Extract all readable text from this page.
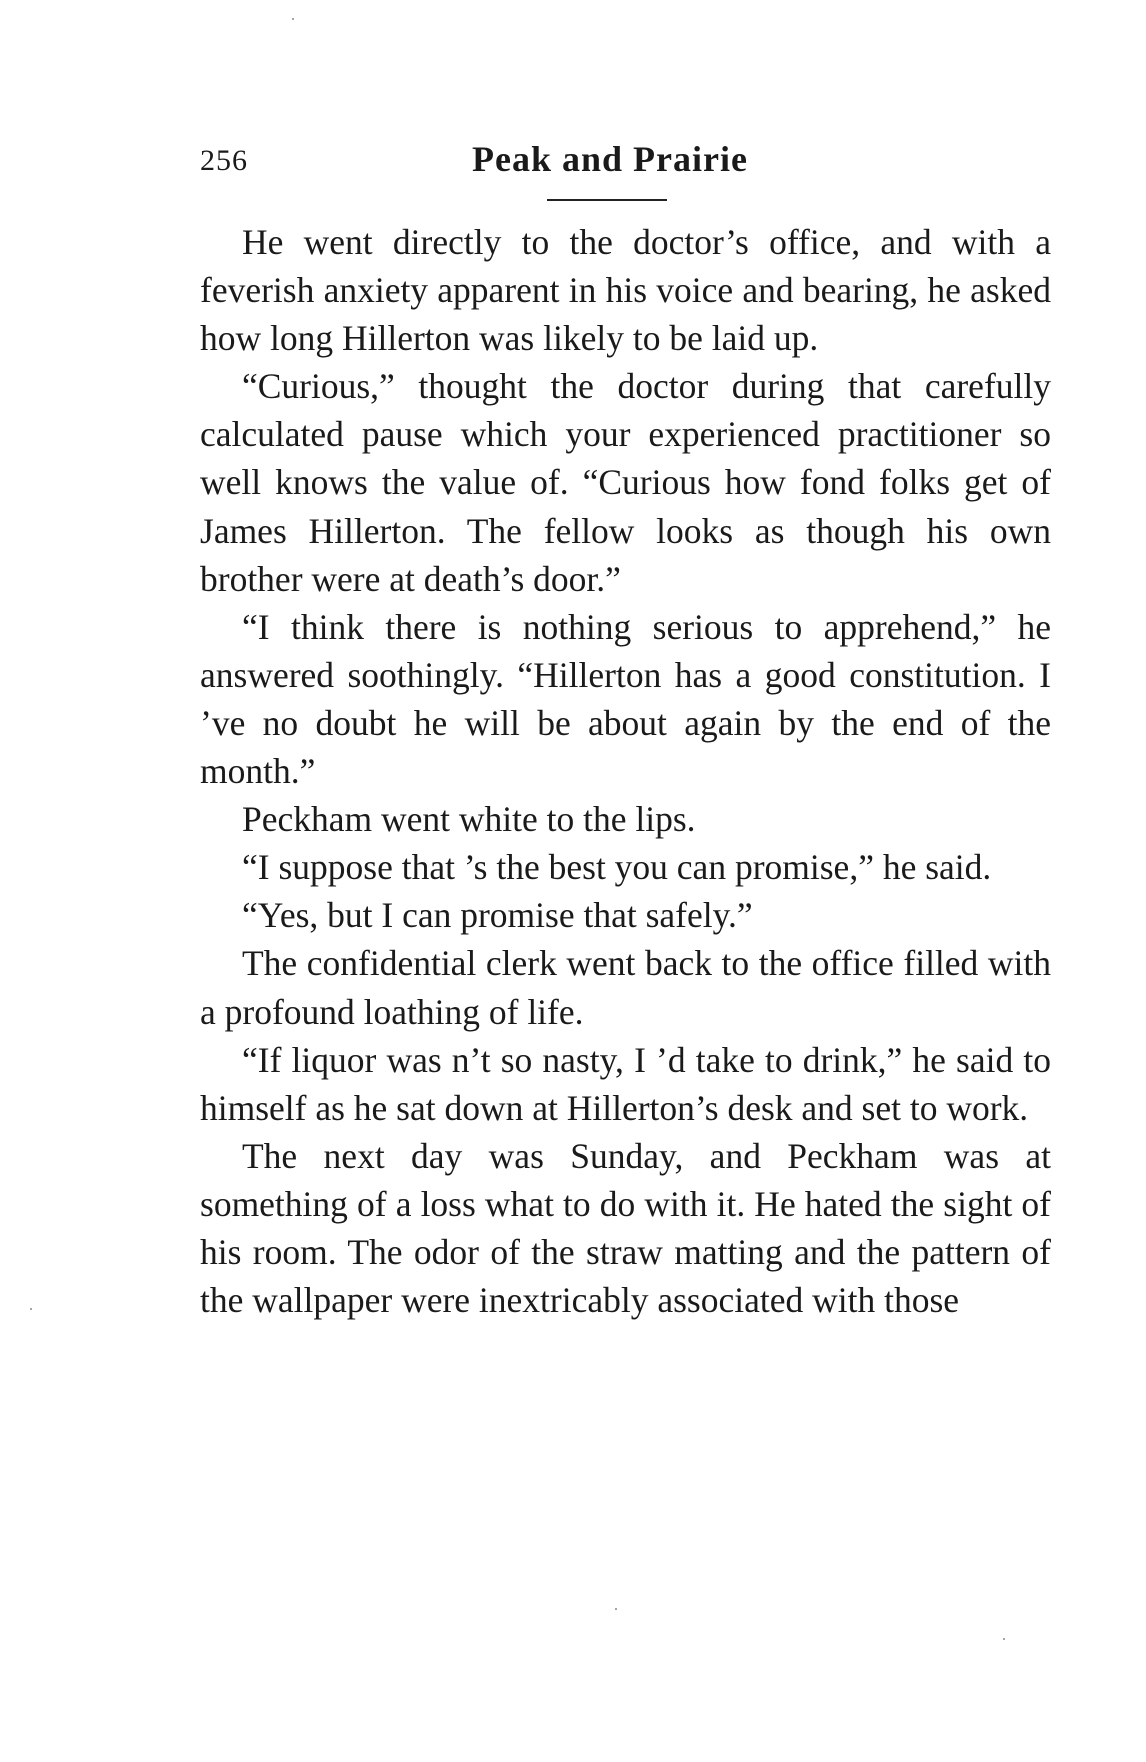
256	Peak and Prairie

He went directly to the doctor’s office, and with a feverish anxiety apparent in his voice and bearing, he asked how long Hillerton was likely to be laid up.

“Curious,” thought the doctor during that carefully calculated pause which your experienced practitioner so well knows the value of. “Curious how fond folks get of James Hillerton. The fellow looks as though his own brother were at death’s door.”

“I think there is nothing serious to apprehend,” he answered soothingly. “Hillerton has a good constitution. I ’ve no doubt he will be about again by the end of the month.”

Peckham went white to the lips.

“I suppose that ’s the best you can promise,” he said.

“Yes, but I can promise that safely.”

The confidential clerk went back to the office filled with a profound loathing of life.

“If liquor was n’t so nasty, I ’d take to drink,” he said to himself as he sat down at Hillerton’s desk and set to work.

The next day was Sunday, and Peckham was at something of a loss what to do with it. He hated the sight of his room. The odor of the straw matting and the pattern of the wallpaper were inextricably associated with those
